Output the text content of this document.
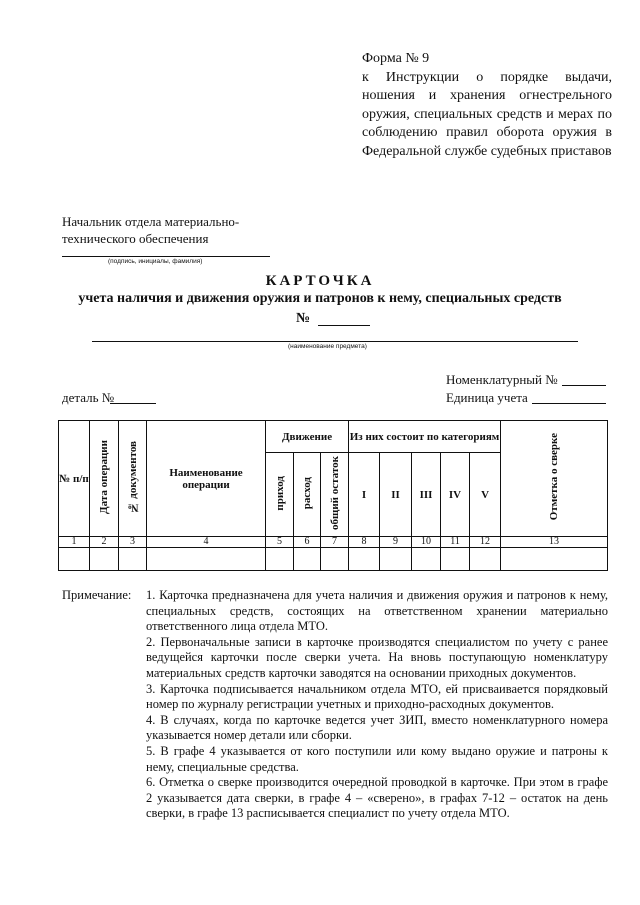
Форма № 9
к Инструкции о порядке выдачи, ношения и хранения огнестрельного оружия, специальных средств и мерах по соблюдению правил оборота оружия в Федеральной службе судебных приставов
Начальник отдела материально-
технического обеспечения
(подпись, инициалы, фамилия)
КАРТОЧКА
учета наличия и движения оружия и патронов к нему, специальных средств
№
(наименование предмета)
Номенклатурный №
Единица учета
деталь №
№ п/п	Дата операции	№ документов	Наименование операции	Движение			Из них состоит по категориям					Отметка о сверке
				приход	расход	общий остаток	I	II	III	IV	V	
1	2	3	4	5	6	7	8	9	10	11	12	13

Примечание: 1. Карточка предназначена для учета наличия и движения оружия и патронов к нему, специальных средств, состоящих на ответственном хранении материально ответственного лица отдела МТО.
2. Первоначальные записи в карточке производятся специалистом по учету с ранее ведущейся карточки после сверки учета. На вновь поступающую номенклатуру материальных средств карточки заводятся на основании приходных документов.
3. Карточка подписывается начальником отдела МТО, ей присваивается порядковый номер по журналу регистрации учетных и приходно-расходных документов.
4. В случаях, когда по карточке ведется учет ЗИП, вместо номенклатурного номера указывается номер детали или сборки.
5. В графе 4 указывается от кого поступили или кому выдано оружие и патроны к нему, специальные средства.
6. Отметка о сверке производится очередной проводкой в карточке. При этом в графе 2 указывается дата сверки, в графе 4 – «сверено», в графах 7-12 – остаток на день сверки, в графе 13 расписывается специалист по учету отдела МТО.
